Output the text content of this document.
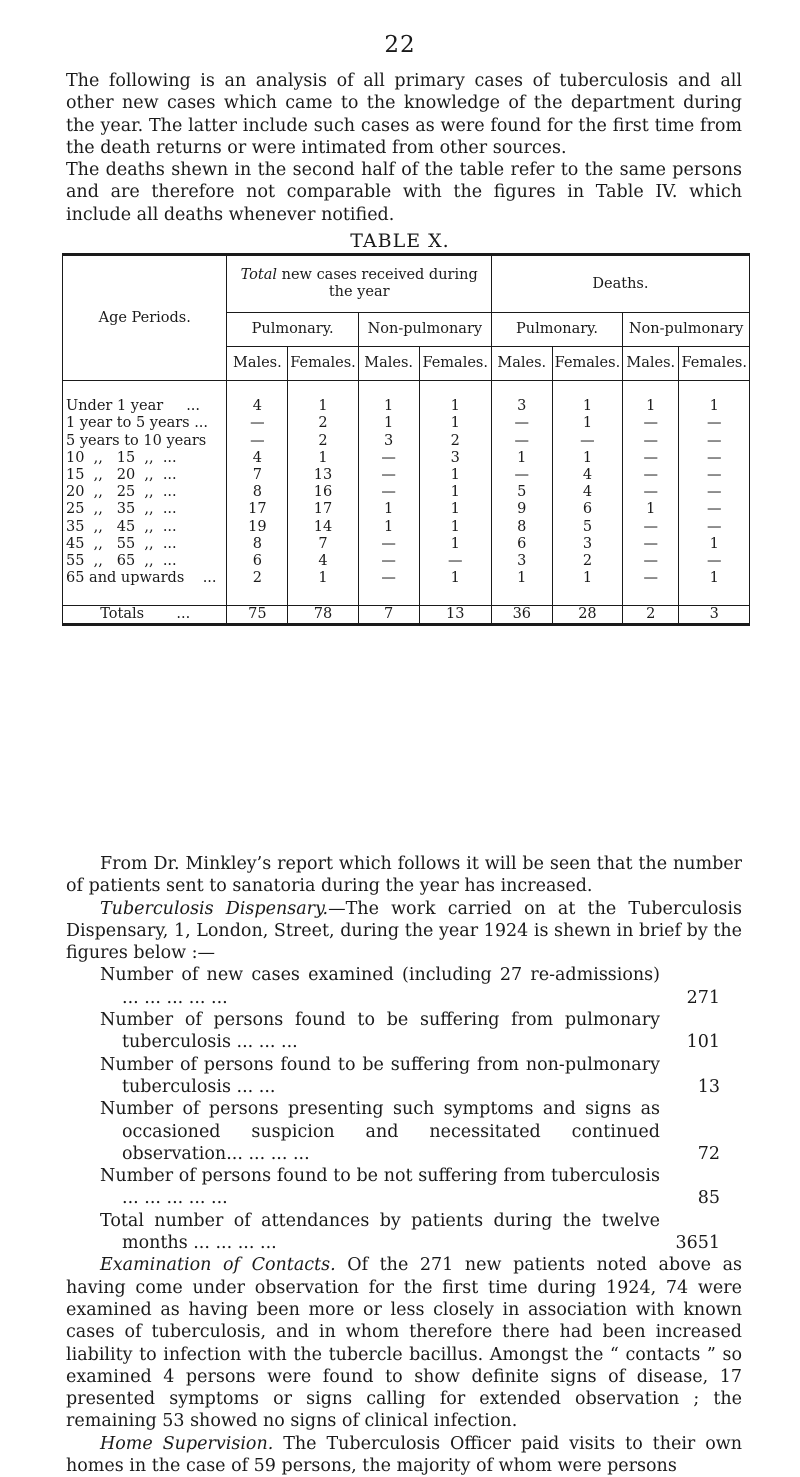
22

The following is an analysis of all primary cases of tuberculosis and all other new cases which came to the knowledge of the department during the year. The latter include such cases as were found for the first time from the death returns or were intimated from other sources.

The deaths shewn in the second half of the table refer to the same persons and are therefore not comparable with the figures in Table IV. which include all deaths whenever notified.

TABLE X.
Age Periods.	Total new cases received during the year				Deaths.			
	Pulmonary.		Non-pulmonary		Pulmonary.		Non-pulmonary	
	Males.	Females.	Males.	Females.	Males.	Females.	Males.	Females.

Under 1 year     ...	4	1	1	1	3	1	1	1
1 year to 5 years ...	—	2	1	1	—	1	—	—
5 years to 10 years	—	2	3	2	—	—	—	—
10  ,,   15  ,,  ...	4	1	—	3	1	1	—	—
15  ,,   20  ,,  ...	7	13	—	1	—	4	—	—
20  ,,   25  ,,  ...	8	16	—	1	5	4	—	—
25  ,,   35  ,,  ...	17	17	1	1	9	6	1	—
35  ,,   45  ,,  ...	19	14	1	1	8	5	—	—
45  ,,   55  ,,  ...	8	7	—	1	6	3	—	1
55  ,,   65  ,,  ...	6	4	—	—	3	2	—	—
65 and upwards    ...	2	1	—	1	1	1	—	1

Totals       ...	75	78	7	13	36	28	2	3

From Dr. Minkley’s report which follows it will be seen that the number of patients sent to sanatoria during the year has increased.

Tuberculosis Dispensary.—The work carried on at the Tuberculosis Dispensary, 1, London, Street, during the year 1924 is shewn in brief by the figures below :—

Number of new cases examined (including 27 re-admissions) ... ... ... ... ...	271
Number of persons found to be suffering from pulmonary tuberculosis ... ... ...	101
Number of persons found to be suffering from non-pulmonary tuberculosis ... ...	13
Number of persons presenting such symptoms and signs as occasioned suspicion and necessitated continued observation... ... ... ...	72
Number of persons found to be not suffering from tuberculosis ... ... ... ... ...	85
Total number of attendances by patients during the twelve months ... ... ... ...	3651

Examination of Contacts. Of the 271 new patients noted above as having come under observation for the first time during 1924, 74 were examined as having been more or less closely in association with known cases of tuberculosis, and in whom therefore there had been increased liability to infection with the tubercle bacillus. Amongst the “ contacts ” so examined 4 persons were found to show definite signs of disease, 17 presented symptoms or signs calling for extended observation ; the remaining 53 showed no signs of clinical infection.

Home Supervision. The Tuberculosis Officer paid visits to their own homes in the case of 59 persons, the majority of whom were persons
